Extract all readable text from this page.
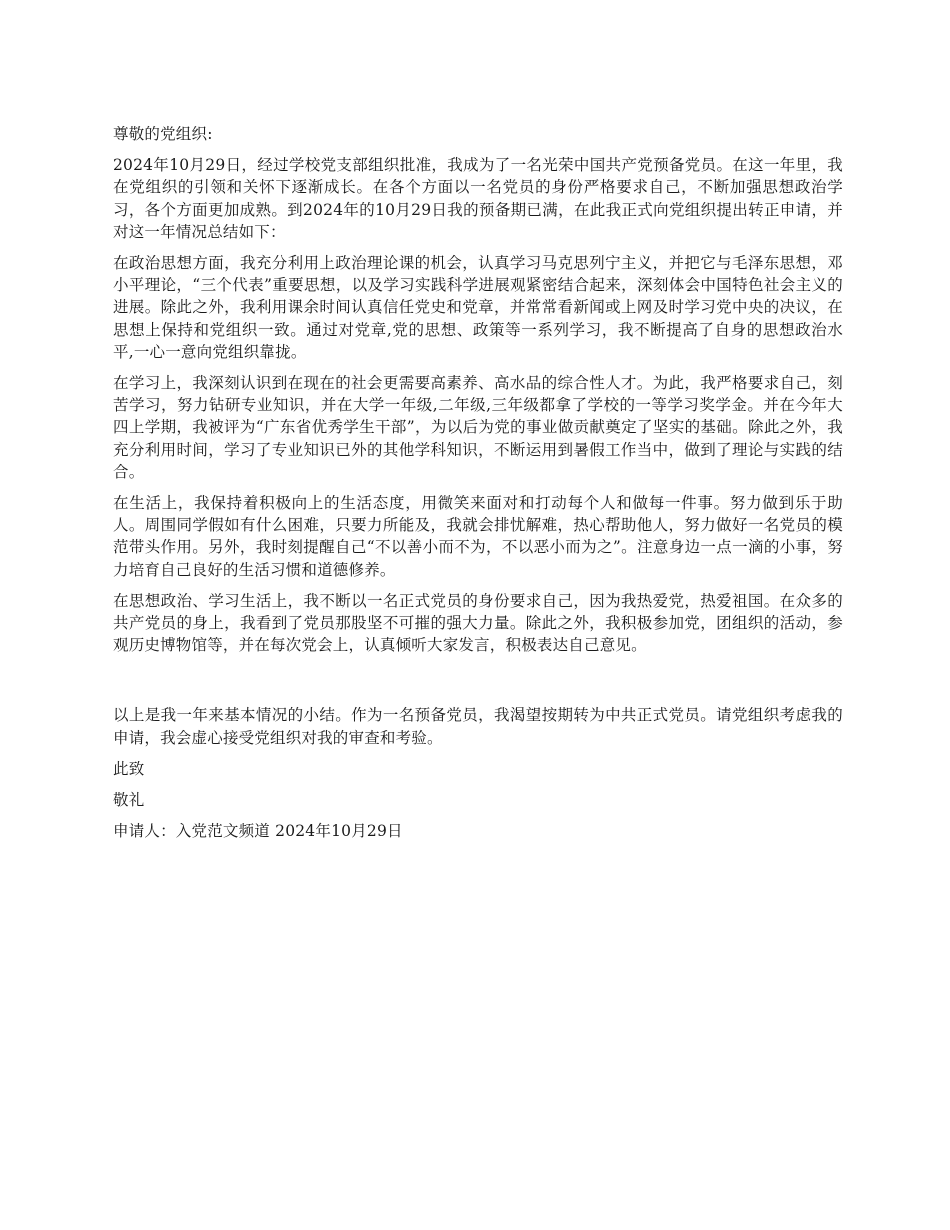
尊敬的党组织:

2024年10月29日，经过学校党支部组织批准，我成为了一名光荣中国共产党预备党员。在这一年里，我在党组织的引领和关怀下逐渐成长。在各个方面以一名党员的身份严格要求自己，不断加强思想政治学习，各个方面更加成熟。到2024年的10月29日我的预备期已满，在此我正式向党组织提出转正申请，并对这一年情况总结如下：

在政治思想方面，我充分利用上政治理论课的机会，认真学习马克思列宁主义，并把它与毛泽东思想，邓小平理论，“三个代表”重要思想，以及学习实践科学进展观紧密结合起来，深刻体会中国特色社会主义的进展。除此之外，我利用课余时间认真信任党史和党章，并常常看新闻或上网及时学习党中央的决议，在思想上保持和党组织一致。通过对党章,党的思想、政策等一系列学习，我不断提高了自身的思想政治水平,一心一意向党组织靠拢。

在学习上，我深刻认识到在现在的社会更需要高素养、高水品的综合性人才。为此，我严格要求自己，刻苦学习，努力钻研专业知识，并在大学一年级,二年级,三年级都拿了学校的一等学习奖学金。并在今年大四上学期，我被评为“广东省优秀学生干部”，为以后为党的事业做贡献奠定了坚实的基础。除此之外，我充分利用时间，学习了专业知识已外的其他学科知识，不断运用到暑假工作当中，做到了理论与实践的结合。

在生活上，我保持着积极向上的生活态度，用微笑来面对和打动每个人和做每一件事。努力做到乐于助人。周围同学假如有什么困难，只要力所能及，我就会排忧解难，热心帮助他人，努力做好一名党员的模范带头作用。另外，我时刻提醒自己“不以善小而不为，不以恶小而为之”。注意身边一点一滴的小事，努力培育自己良好的生活习惯和道德修养。

在思想政治、学习生活上，我不断以一名正式党员的身份要求自己，因为我热爱党，热爱祖国。在众多的共产党员的身上，我看到了党员那股坚不可摧的强大力量。除此之外，我积极参加党，团组织的活动，参观历史博物馆等，并在每次党会上，认真倾听大家发言，积极表达自己意见。

以上是我一年来基本情况的小结。作为一名预备党员，我渴望按期转为中共正式党员。请党组织考虑我的申请，我会虚心接受党组织对我的审查和考验。

此致

敬礼

申请人：入党范文频道 2024年10月29日
